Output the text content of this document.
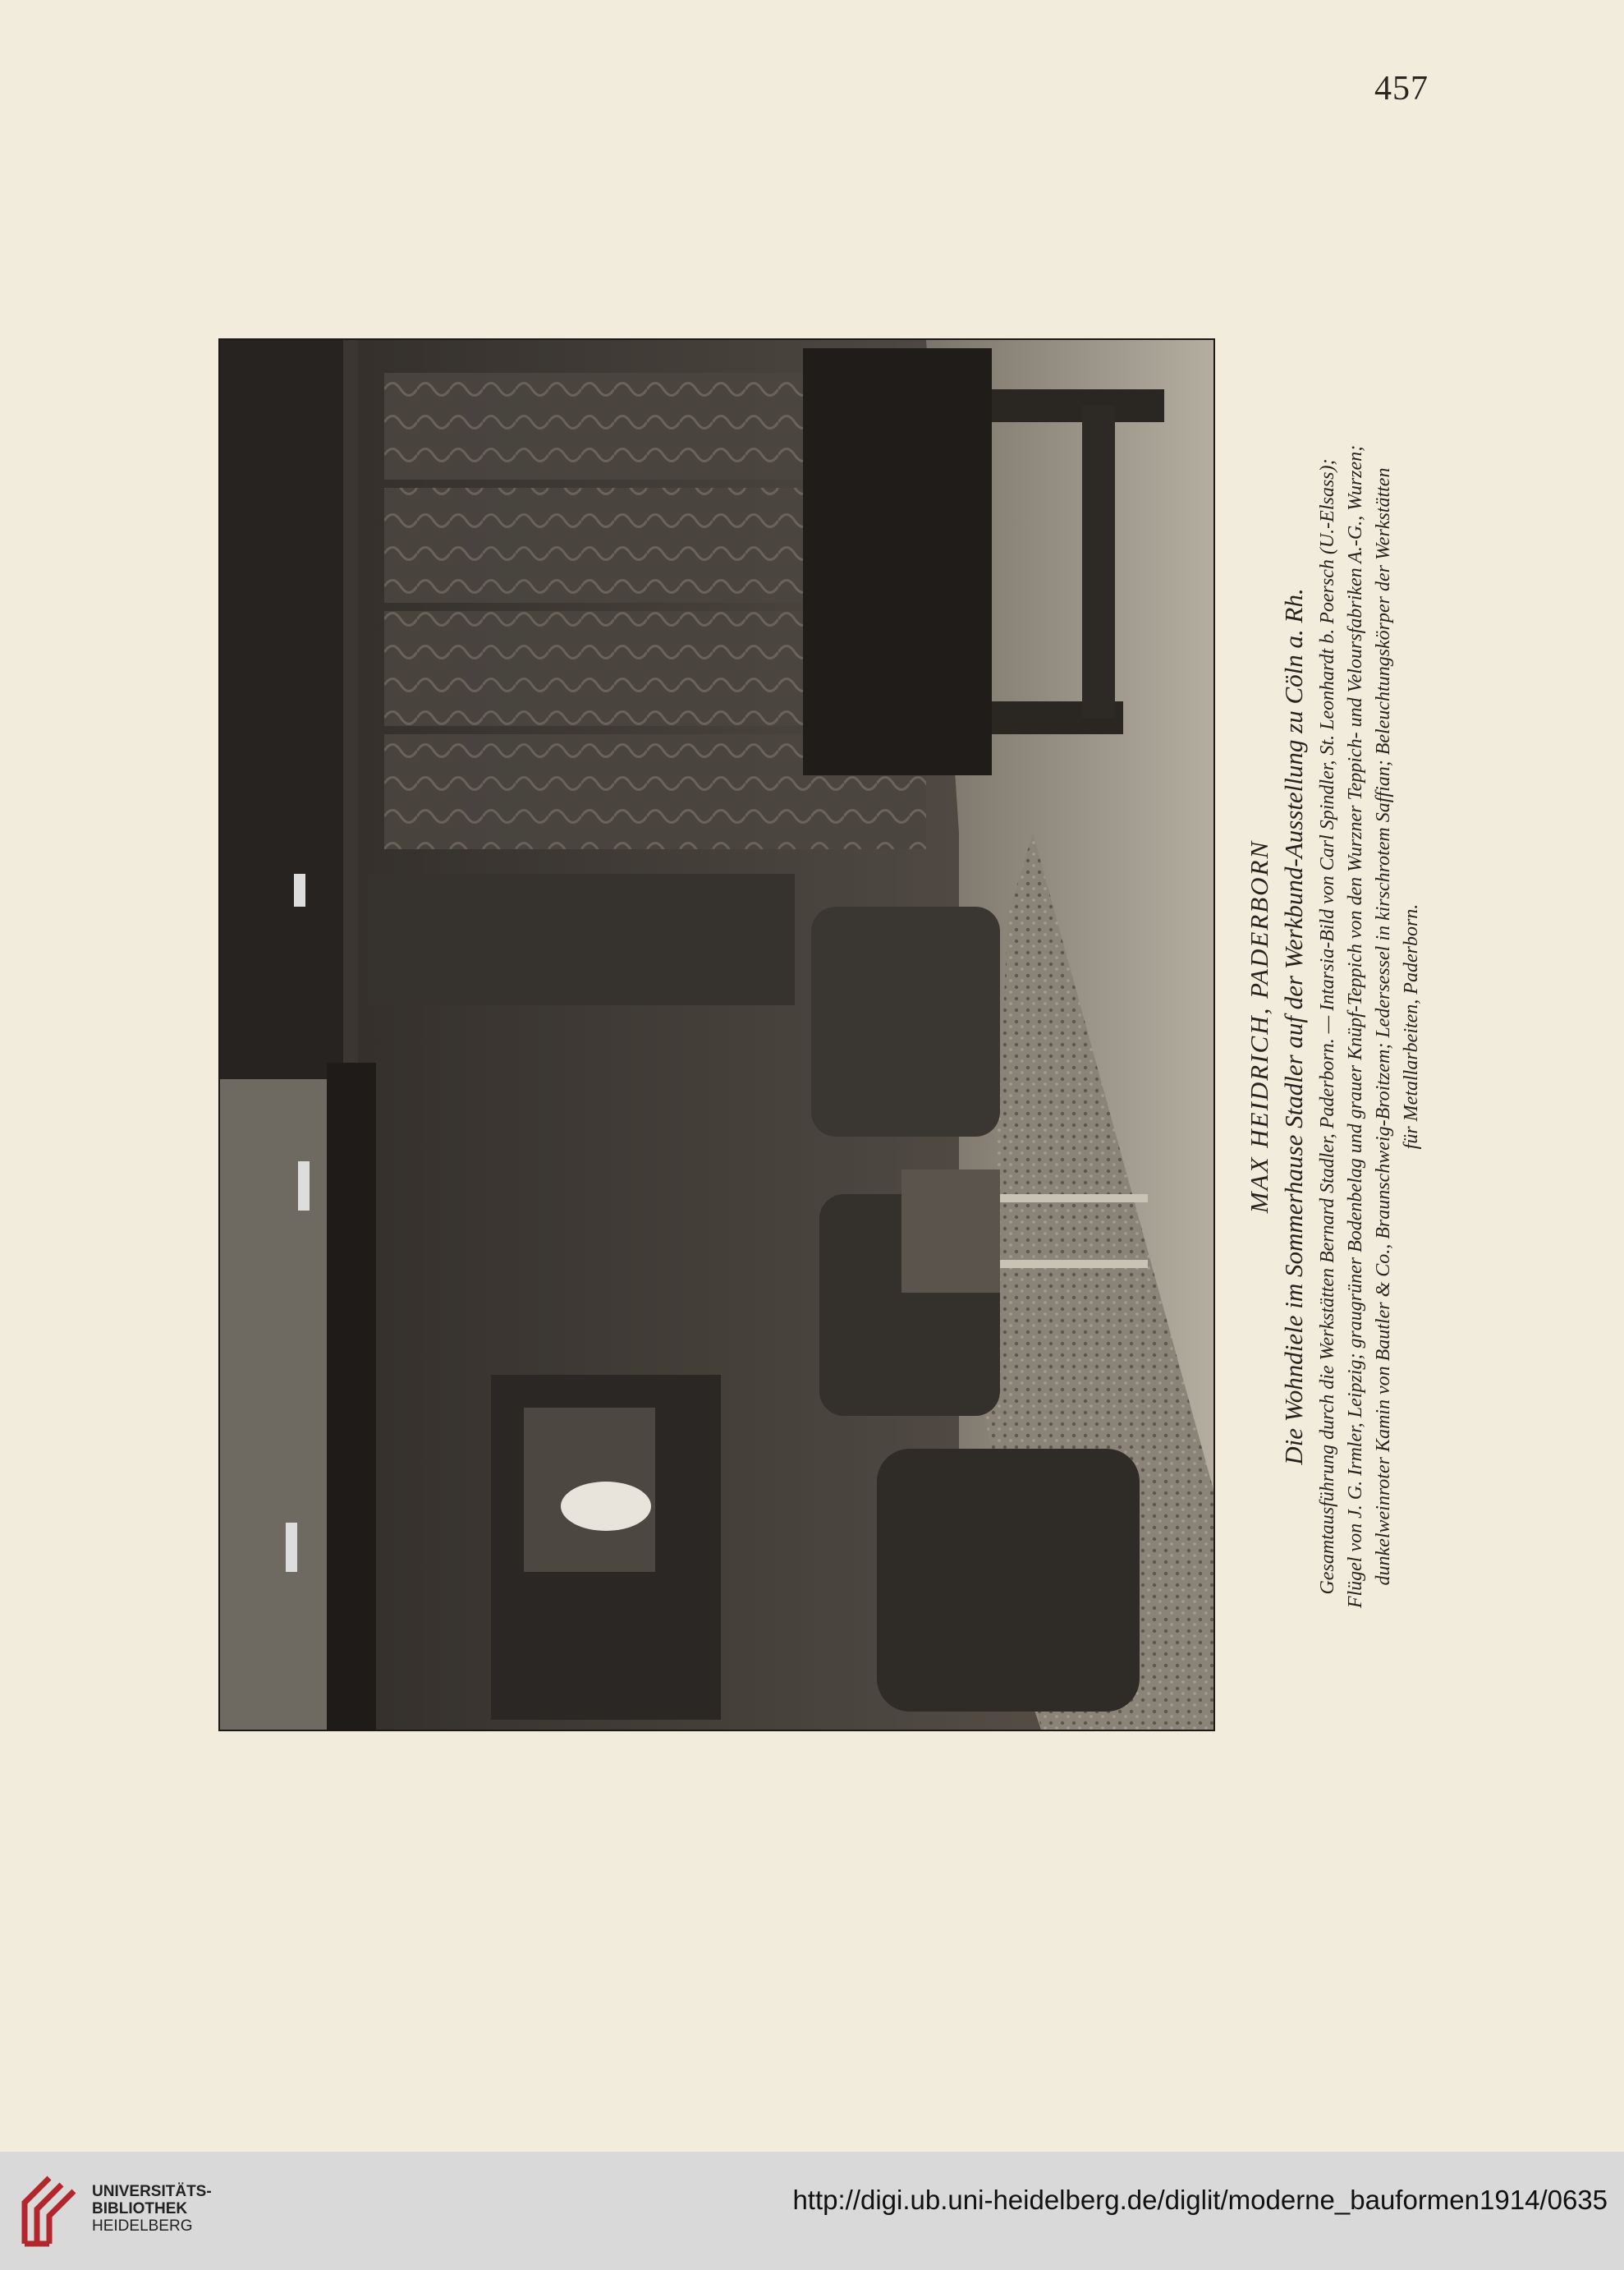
457
MAX HEIDRICH, PADERBORN Die Wohndiele im Sommerhause Stadler auf der Werkbund-Ausstellung zu Cöln a. Rh. Gesamtausführung durch die Werkstätten Bernard Stadler, Paderborn. — Intarsia-Bild von Carl Spindler, St. Leonhardt b. Poersch (U.-Elsass); Flügel von J. G. Irmler, Leipzig; graugrüner Bodenbelag und grauer Knüpf-Teppich von den Wurzner Teppich- und Veloursfabriken A.-G., Wurzen; dunkelweinroter Kamin von Bautler & Co., Braunschweig-Broitzem; Ledersessel in kirschrotem Saffian; Beleuchtungskörper der Werkstätten für Metallarbeiten, Paderborn.
UNIVERSITÄTS-
BIBLIOTHEK
HEIDELBERG
http://digi.ub.uni-heidelberg.de/diglit/moderne_bauformen1914/0635
